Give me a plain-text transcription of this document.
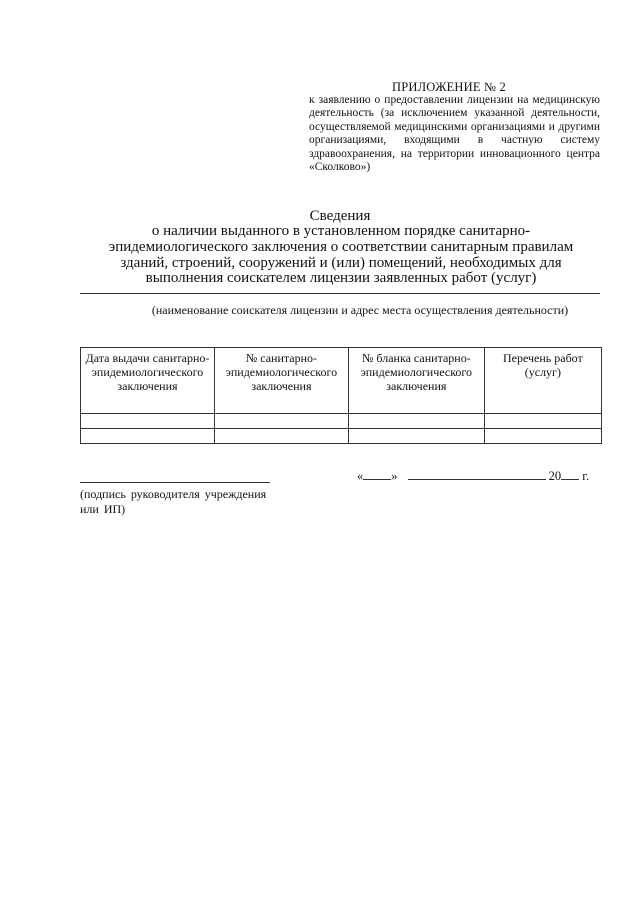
ПРИЛОЖЕНИЕ № 2
к заявлению о предоставлении лицензии на медицинскую деятельность (за исключением указанной деятельности, осуществляемой медицинскими организациями и другими организациями, входящими в частную систему здравоохранения, на территории инновационного центра «Сколково»)
Сведения
о наличии выданного в установленном порядке санитарно-эпидемиологического заключения о соответствии санитарным правилам зданий, строений, сооружений и (или) помещений, необходимых для выполнения соискателем лицензии заявленных работ (услуг)
(наименование соискателя лицензии и адрес места осуществления деятельности)
Дата выдачи санитарно-эпидемиологического заключения	№ санитарно-эпидемиологического заключения	№ бланка санитарно-эпидемиологического заключения	Перечень работ (услуг)

(подпись руководителя учреждения или ИП)
« »	20 г.
